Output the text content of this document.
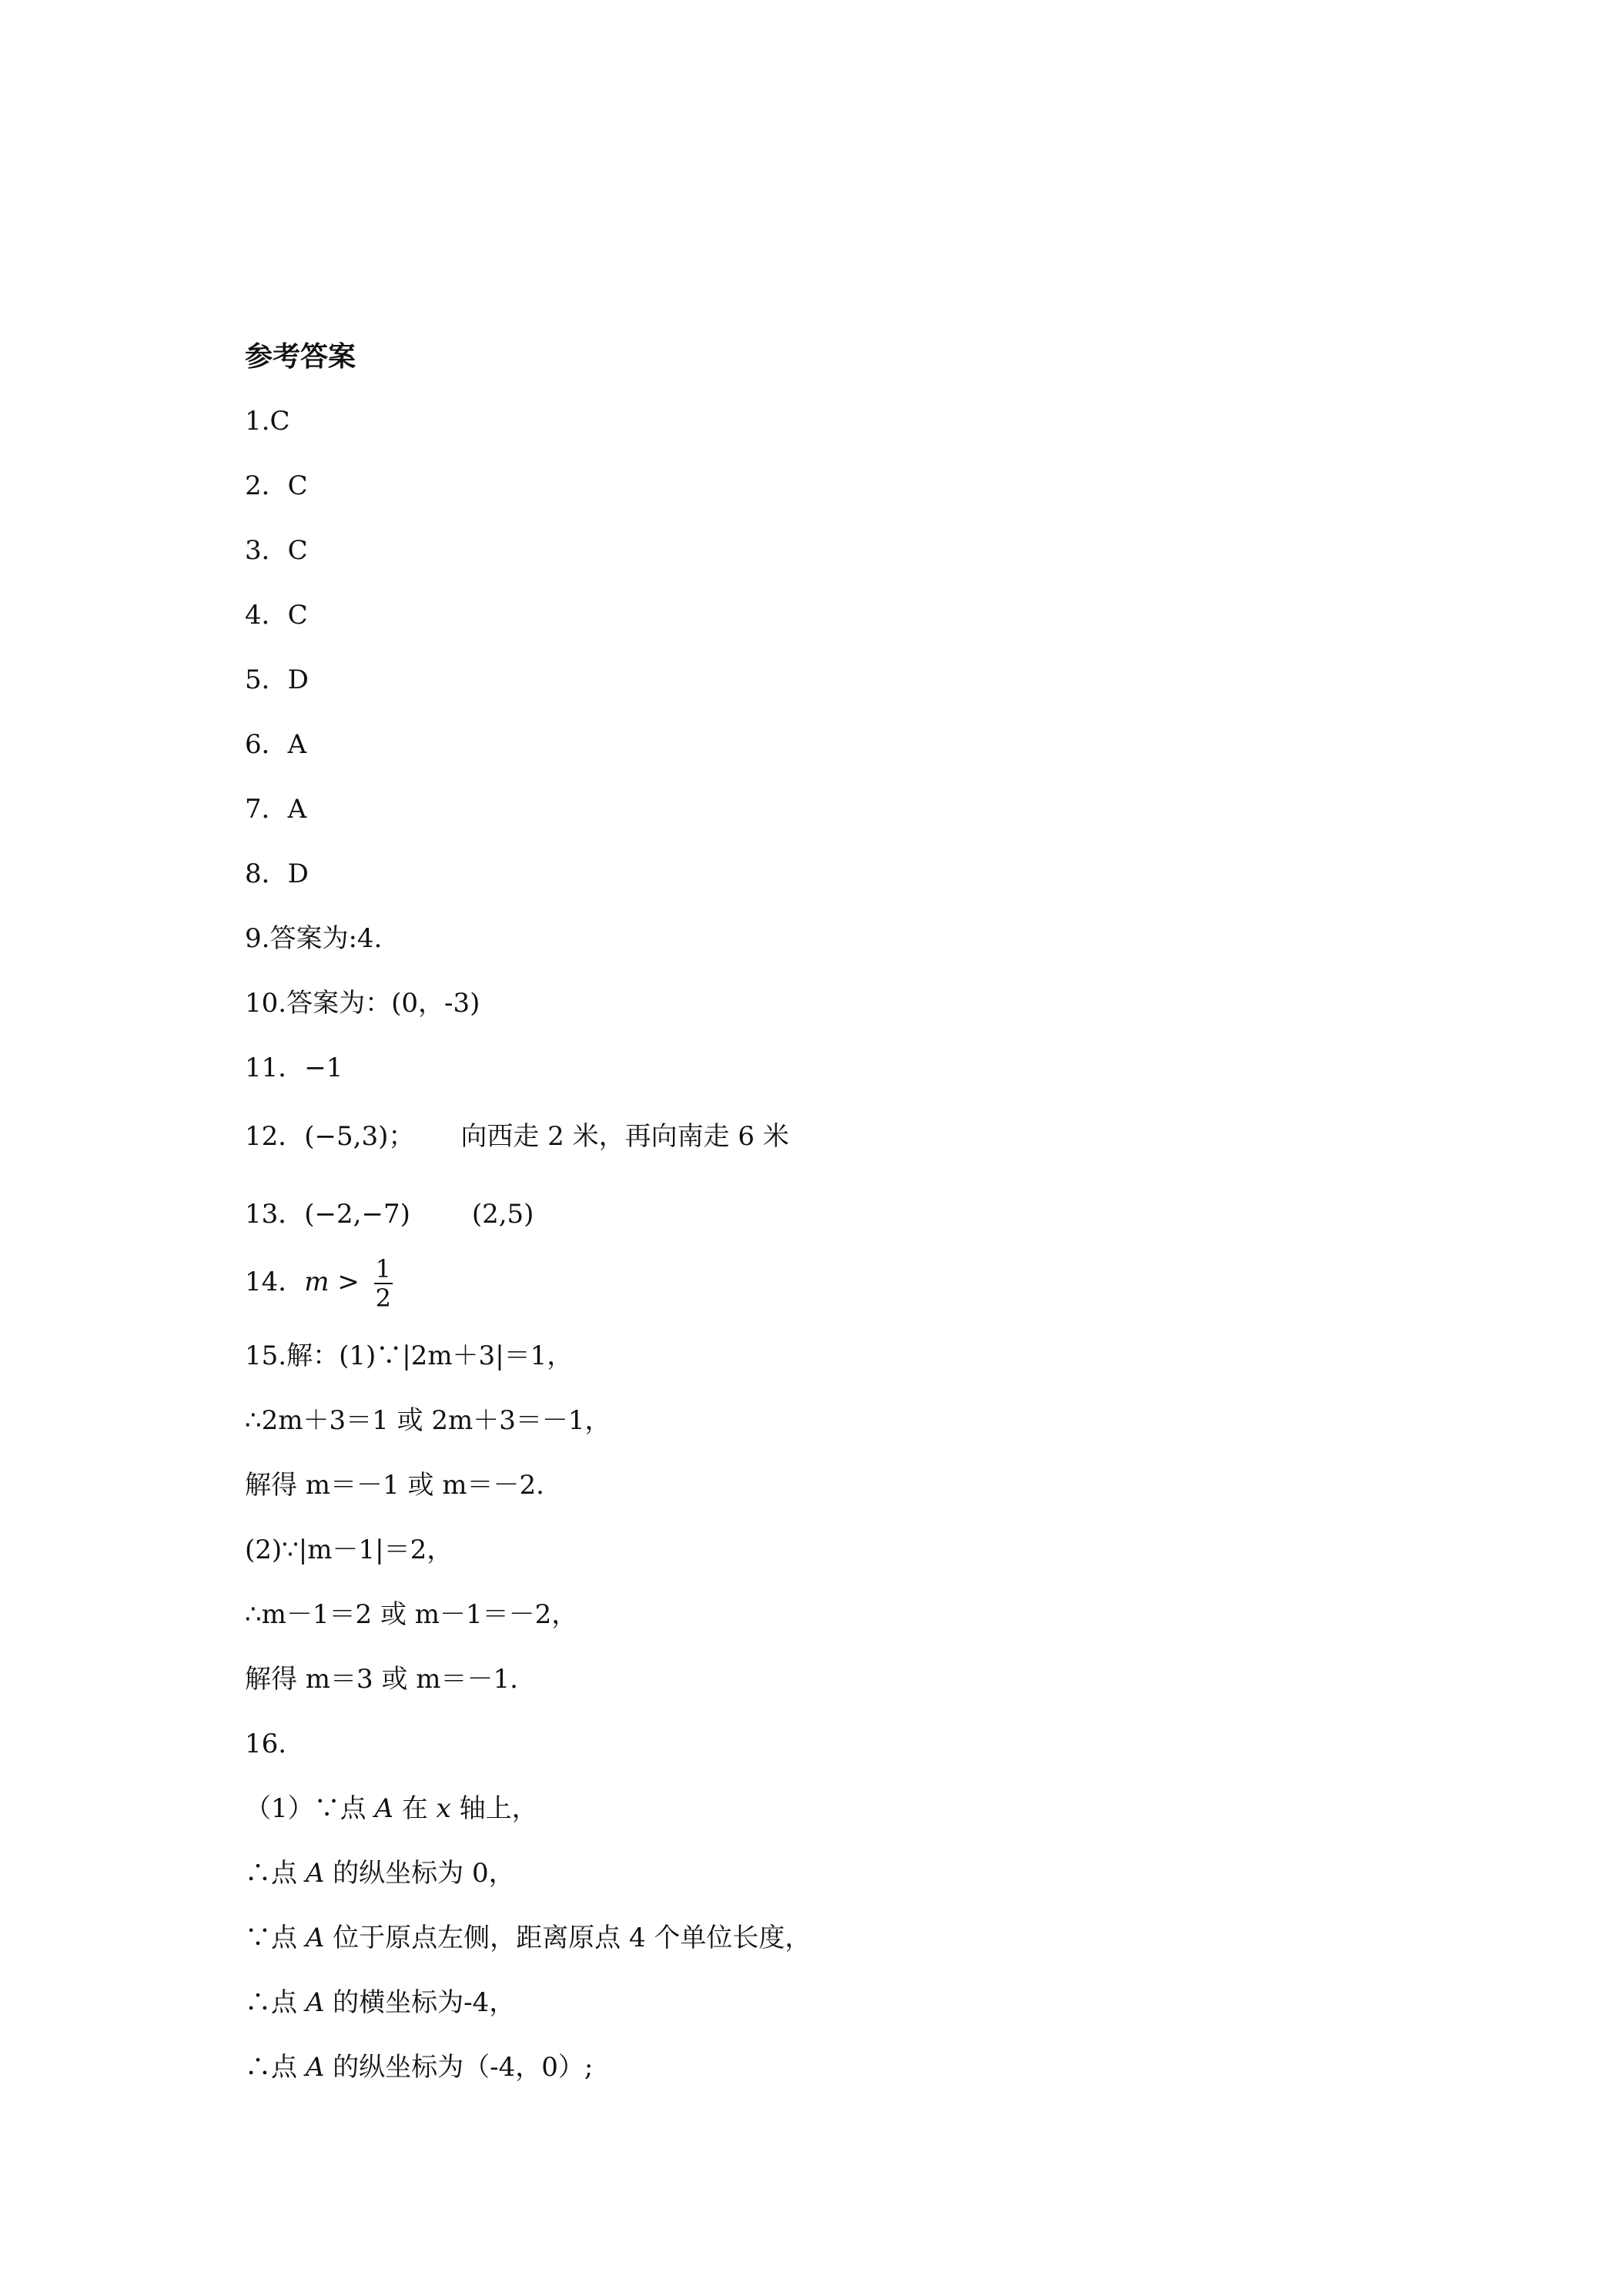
参考答案
1.C
2．C
3．C
4．C
5．D
6．A
7．A
8．D
9.答案为:4.
10.答案为：(0，-3)
11．−1
12．(−5,3)； 向西走 2 米，再向南走 6 米
13．(−2,−7) (2,5)
14．$m > \frac{1}{2}$
15.解：(1)∵|2m＋3|＝1，
∴2m＋3＝1 或 2m＋3＝－1，
解得 m＝－1 或 m＝－2.
(2)∵|m－1|＝2，
∴m－1＝2 或 m－1＝－2，
解得 m＝3 或 m＝－1.
16.
（1）∵点 A 在 x 轴上，
∴点 A 的纵坐标为 0，
∵点 A 位于原点左侧，距离原点 4 个单位长度，
∴点 A 的横坐标为-4，
∴点 A 的纵坐标为（-4，0）;
